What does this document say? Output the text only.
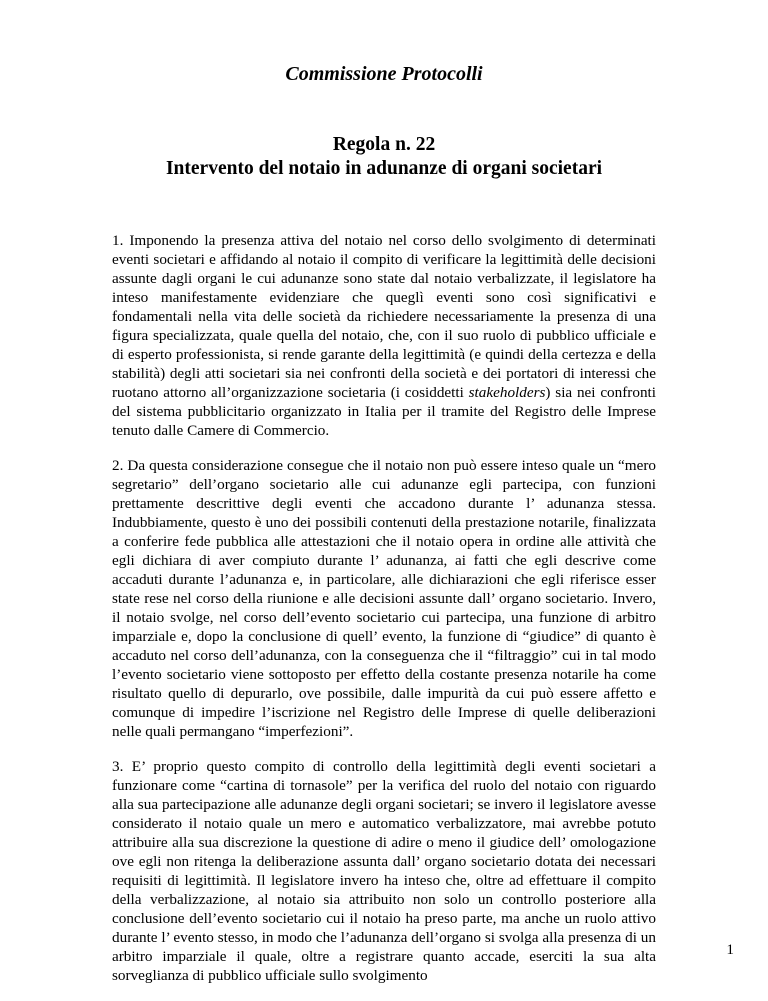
Commissione Protocolli
Regola n. 22
Intervento del notaio in adunanze di organi societari

1. Imponendo la presenza attiva del notaio nel corso dello svolgimento di determinati eventi societari e affidando al notaio il compito di verificare la legittimità delle decisioni assunte dagli organi le cui adunanze sono state dal notaio verbalizzate, il legislatore ha inteso manifestamente evidenziare che queglì eventi sono così significativi e fondamentali nella vita delle società da richiedere necessariamente la presenza di una figura specializzata, quale quella del notaio, che, con il suo ruolo di pubblico ufficiale e di esperto professionista, si rende garante della legittimità (e quindi della certezza e della stabilità) degli atti societari sia nei confronti della società e dei portatori di interessi che ruotano attorno all’organizzazione societaria (i cosiddetti stakeholders) sia nei confronti del sistema pubblicitario organizzato in Italia per il tramite del Registro delle Imprese tenuto dalle Camere di Commercio.

2. Da questa considerazione consegue che il notaio non può essere inteso quale un “mero segretario” dell’organo societario alle cui adunanze egli partecipa, con funzioni prettamente descrittive degli eventi che accadono durante l’ adunanza stessa. Indubbiamente, questo è uno dei possibili contenuti della prestazione notarile, finalizzata a conferire fede pubblica alle attestazioni che il notaio opera in ordine alle attività che egli dichiara di aver compiuto durante l’ adunanza, ai fatti che egli descrive come accaduti durante l’adunanza e, in particolare, alle dichiarazioni che egli riferisce esser state rese nel corso della riunione e alle decisioni assunte dall’ organo societario. Invero, il notaio svolge, nel corso dell’evento societario cui partecipa, una funzione di arbitro imparziale e, dopo la conclusione di quell’ evento, la funzione di “giudice” di quanto è accaduto nel corso dell’adunanza, con la conseguenza che il “filtraggio” cui in tal modo l’evento societario viene sottoposto per effetto della costante presenza notarile ha come risultato quello di depurarlo, ove possibile, dalle impurità da cui può essere affetto e comunque di impedire l’iscrizione nel Registro delle Imprese di quelle deliberazioni nelle quali permangano “imperfezioni”.

3. E’ proprio questo compito di controllo della legittimità degli eventi societari a funzionare come “cartina di tornasole” per la verifica del ruolo del notaio con riguardo alla sua partecipazione alle adunanze degli organi societari; se invero il legislatore avesse considerato il notaio quale un mero e automatico verbalizzatore, mai avrebbe potuto attribuire alla sua discrezione la questione di adire o meno il giudice dell’ omologazione ove egli non ritenga la deliberazione assunta dall’ organo societario dotata dei necessari requisiti di legittimità. Il legislatore invero ha inteso che, oltre ad effettuare il compito della verbalizzazione, al notaio sia attribuito non solo un controllo posteriore alla conclusione dell’evento societario cui il notaio ha preso parte, ma anche un ruolo attivo durante l’ evento stesso, in modo che l’adunanza dell’organo si svolga alla presenza di un arbitro imparziale il quale, oltre a registrare quanto accade, eserciti la sua alta sorveglianza di pubblico ufficiale sullo svolgimento

1
